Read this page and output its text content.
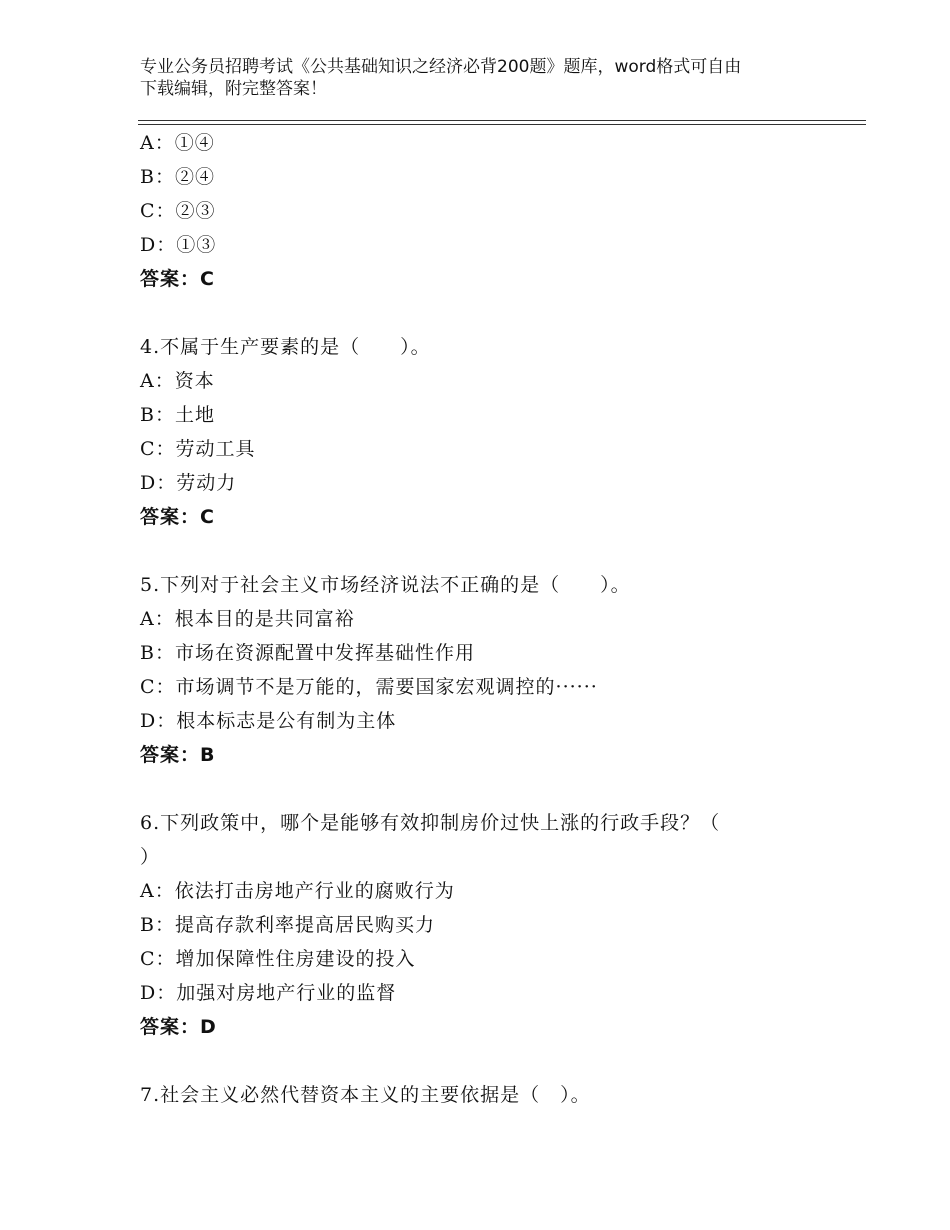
专业公务员招聘考试《公共基础知识之经济必背200题》题库，word格式可自由
下载编辑，附完整答案！
A：①④
B：②④
C：②③
D：①③
答案：C
4.不属于生产要素的是（　　）。
A：资本
B：土地
C：劳动工具
D：劳动力
答案：C
5.下列对于社会主义市场经济说法不正确的是（　　）。
A：根本目的是共同富裕
B：市场在资源配置中发挥基础性作用
C：市场调节不是万能的，需要国家宏观调控的······
D：根本标志是公有制为主体
答案：B
6.下列政策中，哪个是能够有效抑制房价过快上涨的行政手段？（
）
A：依法打击房地产行业的腐败行为
B：提高存款利率提高居民购买力
C：增加保障性住房建设的投入
D：加强对房地产行业的监督
答案：D
7.社会主义必然代替资本主义的主要依据是（　）。
